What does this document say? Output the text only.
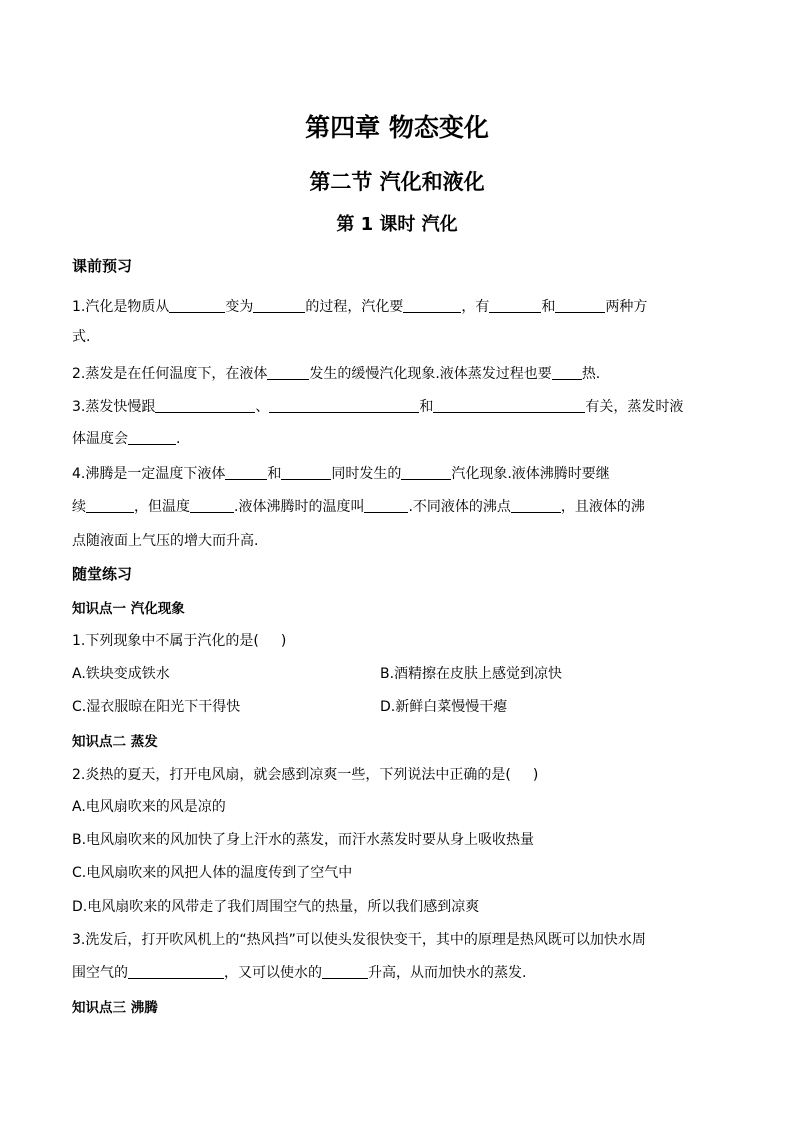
第四章 物态变化
第二节 汽化和液化
第 1 课时 汽化
课前预习

1.汽化是物质从	变为	的过程，汽化要	，有	和	两种方

式.

2.蒸发是在任何温度下，在液体	发生的缓慢汽化现象.液体蒸发过程也要 热.

3.蒸发快慢跟	、	和	有关，蒸发时液

体温度会	.

4.沸腾是一定温度下液体	和	同时发生的	汽化现象.液体沸腾时要继

续	，但温度	.液体沸腾时的温度叫	.不同液体的沸点	，且液体的沸

点随液面上气压的增大而升高.

随堂练习
知识点一 汽化现象

1.下列现象中不属于汽化的是( )

A.铁块变成铁水	B.酒精擦在皮肤上感觉到凉快

C.湿衣服晾在阳光下干得快	D.新鲜白菜慢慢干瘪

知识点二 蒸发

2.炎热的夏天，打开电风扇，就会感到凉爽一些，下列说法中正确的是( )

A.电风扇吹来的风是凉的

B.电风扇吹来的风加快了身上汗水的蒸发，而汗水蒸发时要从身上吸收热量

C.电风扇吹来的风把人体的温度传到了空气中

D.电风扇吹来的风带走了我们周围空气的热量，所以我们感到凉爽

3.洗发后，打开吹风机上的“热风挡”可以使头发很快变干，其中的原理是热风既可以加快水周

围空气的	，又可以使水的	升高，从而加快水的蒸发.

知识点三 沸腾
